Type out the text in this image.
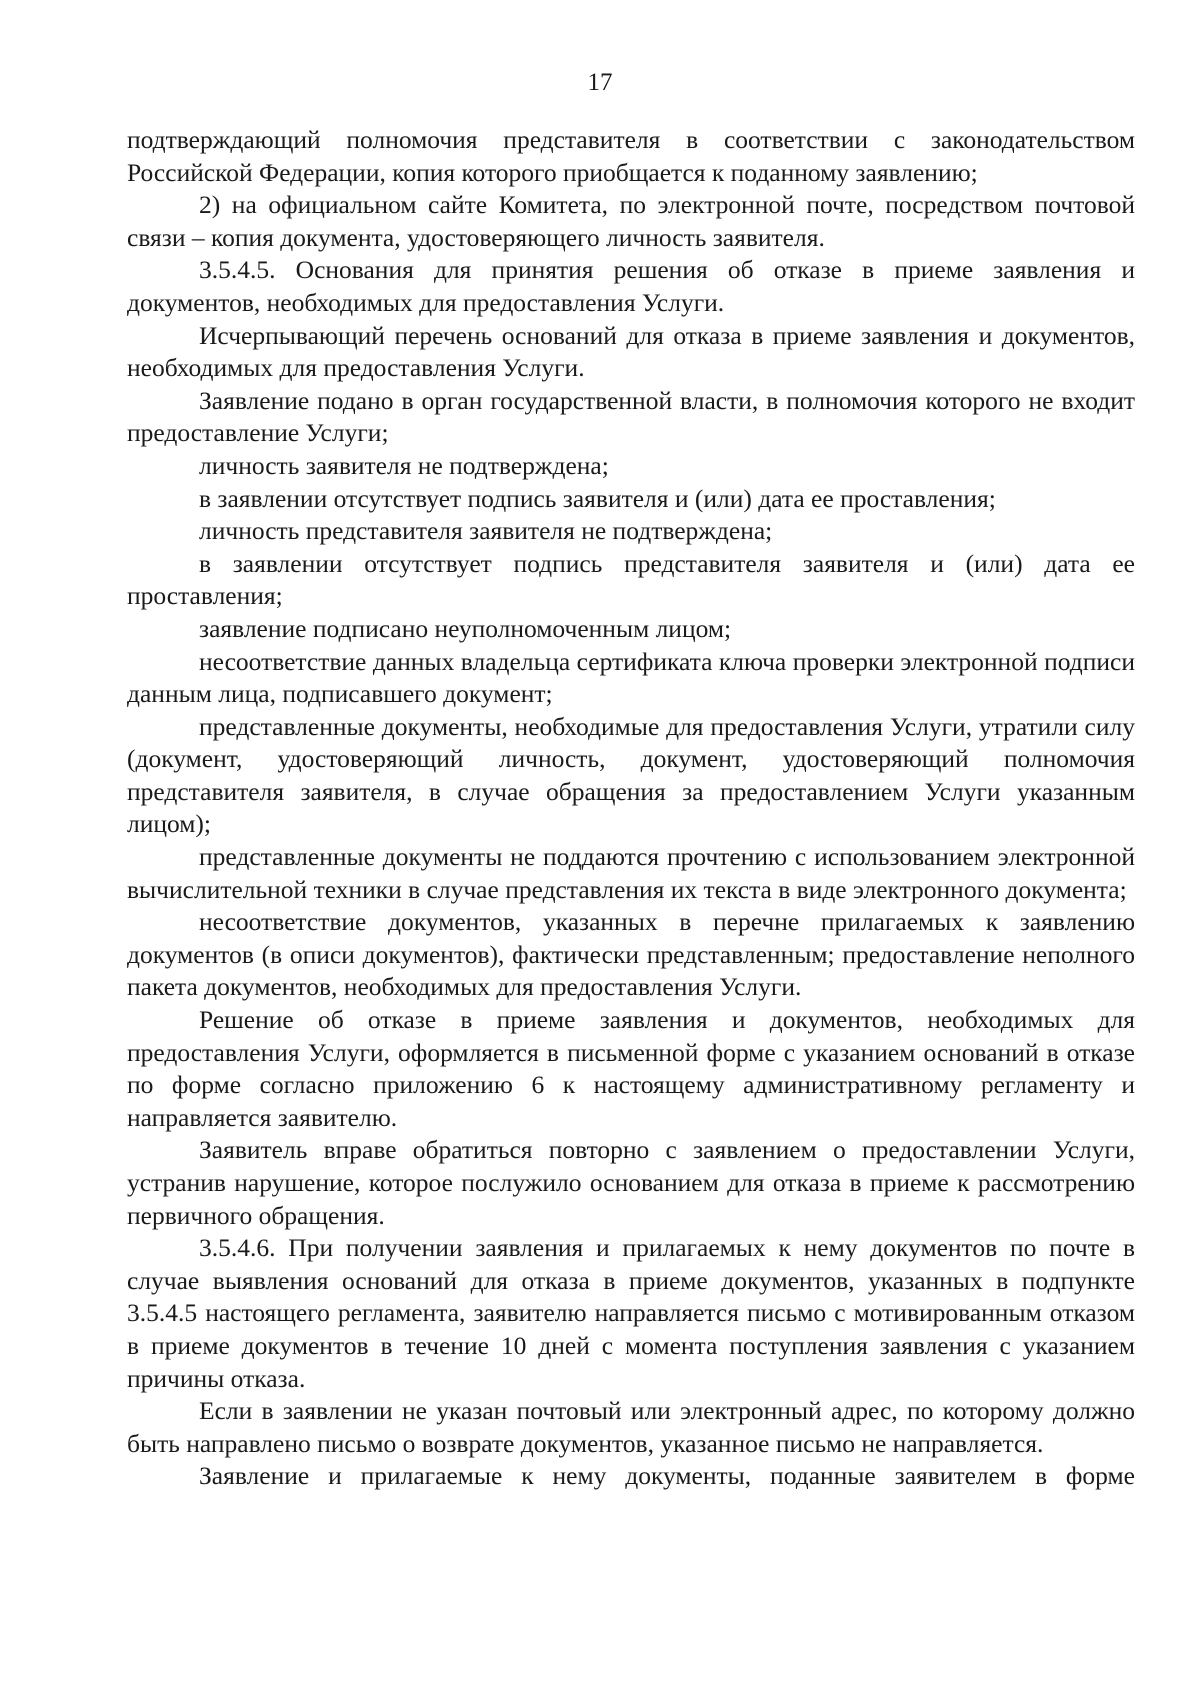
17

подтверждающий полномочия представителя в соответствии с законодательством Российской Федерации, копия которого приобщается к поданному заявлению;

2) на официальном сайте Комитета, по электронной почте, посредством почтовой связи – копия документа, удостоверяющего личность заявителя.

3.5.4.5. Основания для принятия решения об отказе в приеме заявления и документов, необходимых для предоставления Услуги.

Исчерпывающий перечень оснований для отказа в приеме заявления и документов, необходимых для предоставления Услуги.

Заявление подано в орган государственной власти, в полномочия которого не входит предоставление Услуги;

личность заявителя не подтверждена;

в заявлении отсутствует подпись заявителя и (или) дата ее проставления;

личность представителя заявителя не подтверждена;

в заявлении отсутствует подпись представителя заявителя и (или) дата ее проставления;

заявление подписано неуполномоченным лицом;

несоответствие данных владельца сертификата ключа проверки электронной подписи данным лица, подписавшего документ;

представленные документы, необходимые для предоставления Услуги, утратили силу (документ, удостоверяющий личность, документ, удостоверяющий полномочия представителя заявителя, в случае обращения за предоставлением Услуги указанным лицом);

представленные документы не поддаются прочтению с использованием электронной вычислительной техники в случае представления их текста в виде электронного документа;

несоответствие документов, указанных в перечне прилагаемых к заявлению документов (в описи документов), фактически представленным; предоставление неполного пакета документов, необходимых для предоставления Услуги.

Решение об отказе в приеме заявления и документов, необходимых для предоставления Услуги, оформляется в письменной форме с указанием оснований в отказе по форме согласно приложению 6 к настоящему административному регламенту и направляется заявителю.

Заявитель вправе обратиться повторно с заявлением о предоставлении Услуги, устранив нарушение, которое послужило основанием для отказа в приеме к рассмотрению первичного обращения.

3.5.4.6. При получении заявления и прилагаемых к нему документов по почте в случае выявления оснований для отказа в приеме документов, указанных в подпункте 3.5.4.5 настоящего регламента, заявителю направляется письмо с мотивированным отказом в приеме документов в течение 10 дней с момента поступления заявления с указанием причины отказа.

Если в заявлении не указан почтовый или электронный адрес, по которому должно быть направлено письмо о возврате документов, указанное письмо не направляется.

Заявление и прилагаемые к нему документы, поданные заявителем в форме
